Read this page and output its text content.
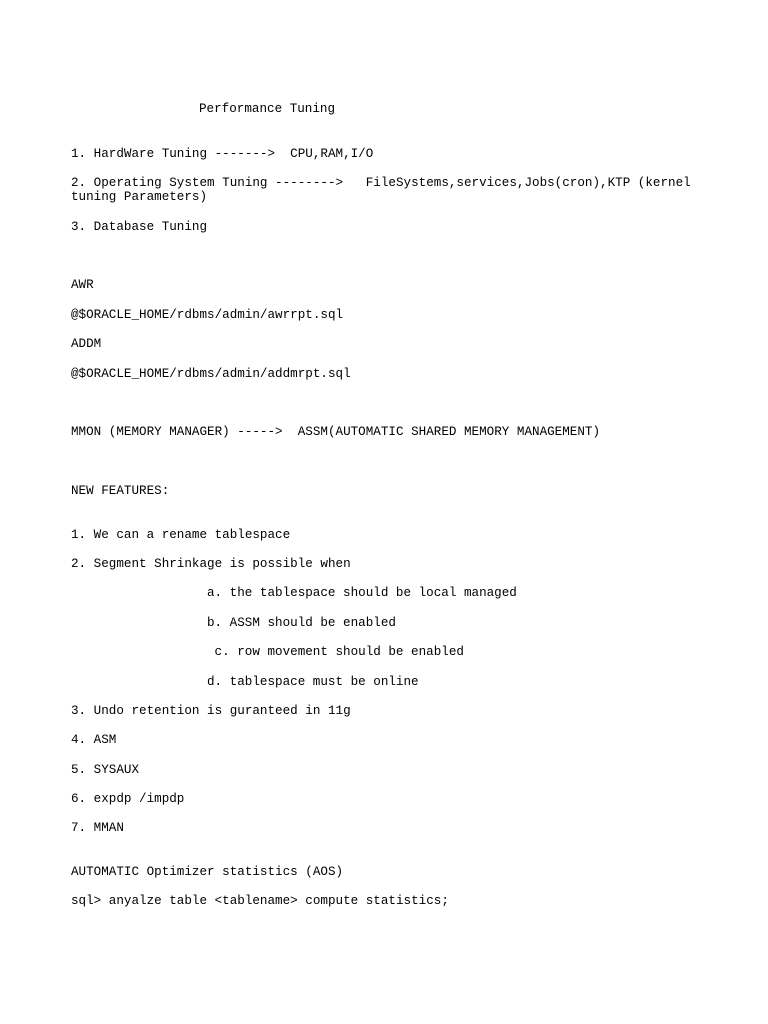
Performance Tuning

1. HardWare Tuning ------->  CPU,RAM,I/O

2. Operating System Tuning -------->   FileSystems,services,Jobs(cron),KTP (kernel tuning Parameters)

3. Database Tuning

AWR

@$ORACLE_HOME/rdbms/admin/awrrpt.sql

ADDM

@$ORACLE_HOME/rdbms/admin/addmrpt.sql

MMON (MEMORY MANAGER) ----->  ASSM(AUTOMATIC SHARED MEMORY MANAGEMENT)

NEW FEATURES:

1. We can a rename tablespace

2. Segment Shrinkage is possible when

a. the tablespace should be local managed

b. ASSM should be enabled

c. row movement should be enabled

d. tablespace must be online

3. Undo retention is guranteed in 11g

4. ASM

5. SYSAUX

6. expdp /impdp

7. MMAN

AUTOMATIC Optimizer statistics (AOS)

sql> anyalze table <tablename> compute statistics;
